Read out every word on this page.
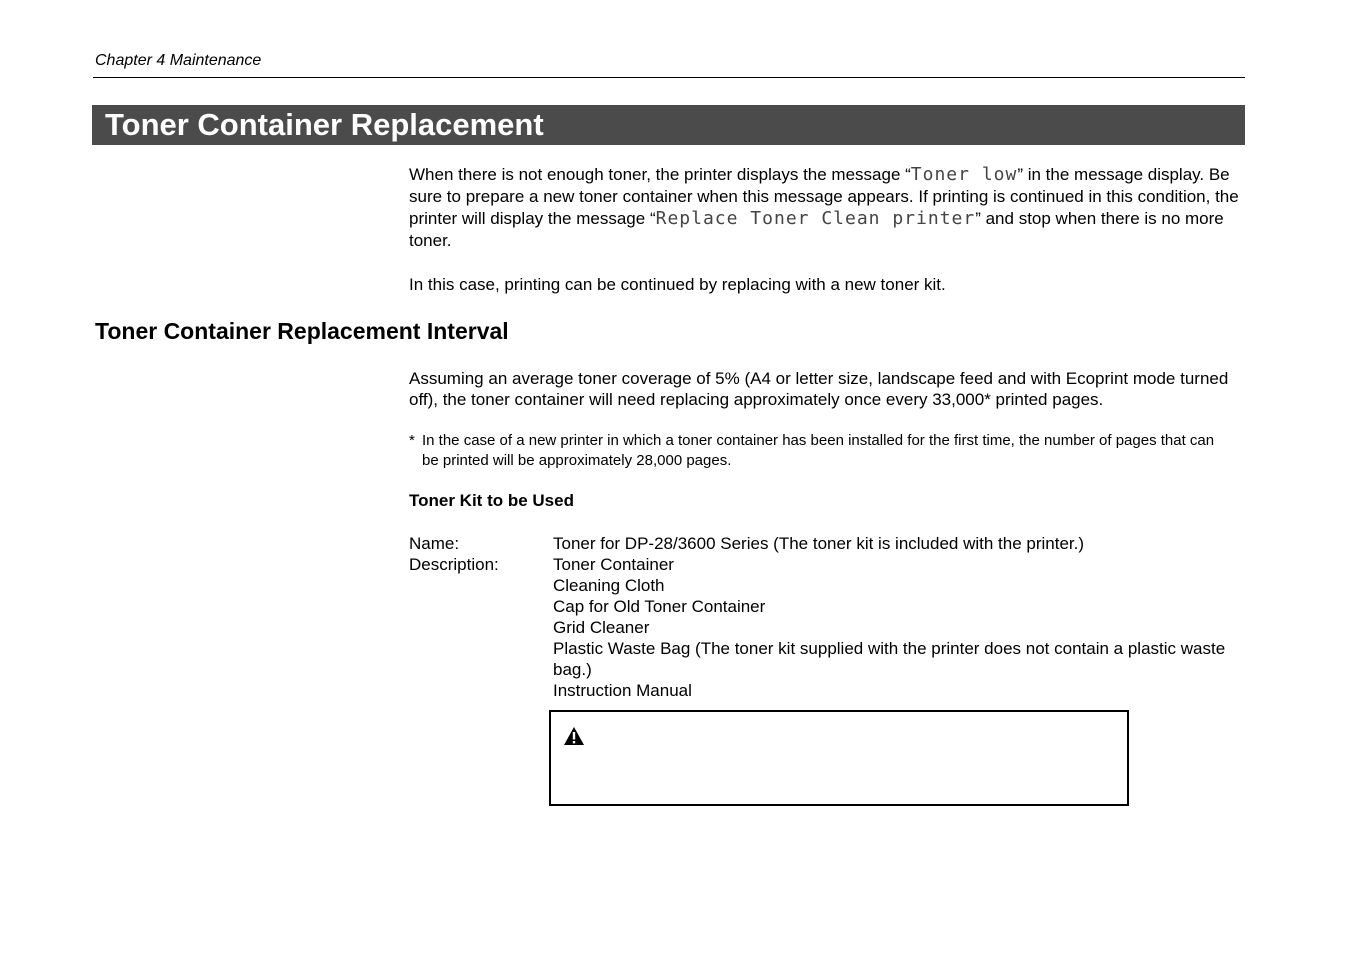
Chapter 4 Maintenance
Toner Container Replacement
When there is not enough toner, the printer displays the message “Toner low” in the message display. Be sure to prepare a new toner container when this message appears. If printing is continued in this condition, the printer will display the message “Replace Toner Clean printer” and stop when there is no more toner.
In this case, printing can be continued by replacing with a new toner kit.
Toner Container Replacement Interval
Assuming an average toner coverage of 5% (A4 or letter size, landscape feed and with Ecoprint mode turned off), the toner container will need replacing approximately once every 33,000* printed pages.
* In the case of a new printer in which a toner container has been installed for the first time, the number of pages that can be printed will be approximately 28,000 pages.
Toner Kit to be Used
Name:	Toner for DP-28/3600 Series (The toner kit is included with the printer.)
Description:	Toner Container
Cleaning Cloth
Cap for Old Toner Container
Grid Cleaner
Plastic Waste Bag (The toner kit supplied with the printer does not contain a plastic waste bag.)
Instruction Manual
